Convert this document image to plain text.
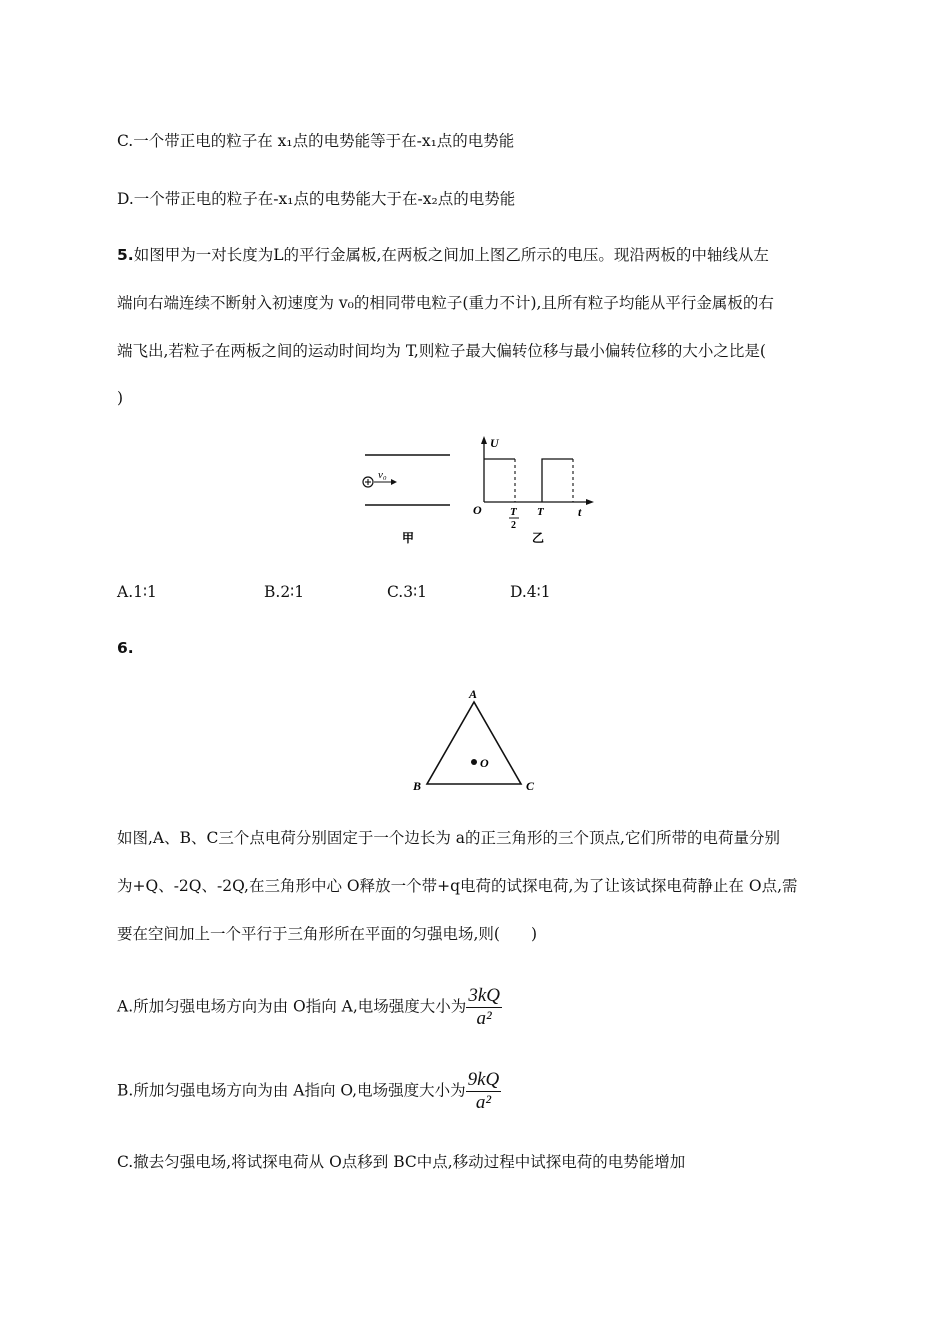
C.一个带正电的粒子在 x₁点的电势能等于在-x₁点的电势能
D.一个带正电的粒子在-x₁点的电势能大于在-x₂点的电势能
5.如图甲为一对长度为L的平行金属板,在两板之间加上图乙所示的电压。现沿两板的中轴线从左
端向右端连续不断射入初速度为 v₀的相同带电粒子(重力不计),且所有粒子均能从平行金属板的右
端飞出,若粒子在两板之间的运动时间均为 T,则粒子最大偏转位移与最小偏转位移的大小之比是(
)
v₀
甲
U
t
O	T
2
T
乙
A.1∶1	B.2∶1	C.3∶1	D.4∶1
6.
A
B	C
O
如图,A、B、C三个点电荷分别固定于一个边长为 a的正三角形的三个顶点,它们所带的电荷量分别
为+Q、-2Q、-2Q,在三角形中心 O释放一个带+q电荷的试探电荷,为了让该试探电荷静止在 O点,需
要在空间加上一个平行于三角形所在平面的匀强电场,则(　　)
A.所加匀强电场方向为由 O指向 A,电场强度大小为 $\frac{3kQ}{\text{a²}}$
B.所加匀强电场方向为由 A指向 O,电场强度大小为 $\frac{9kQ}{\text{a²}}$
C.撤去匀强电场,将试探电荷从 O点移到 BC中点,移动过程中试探电荷的电势能增加
